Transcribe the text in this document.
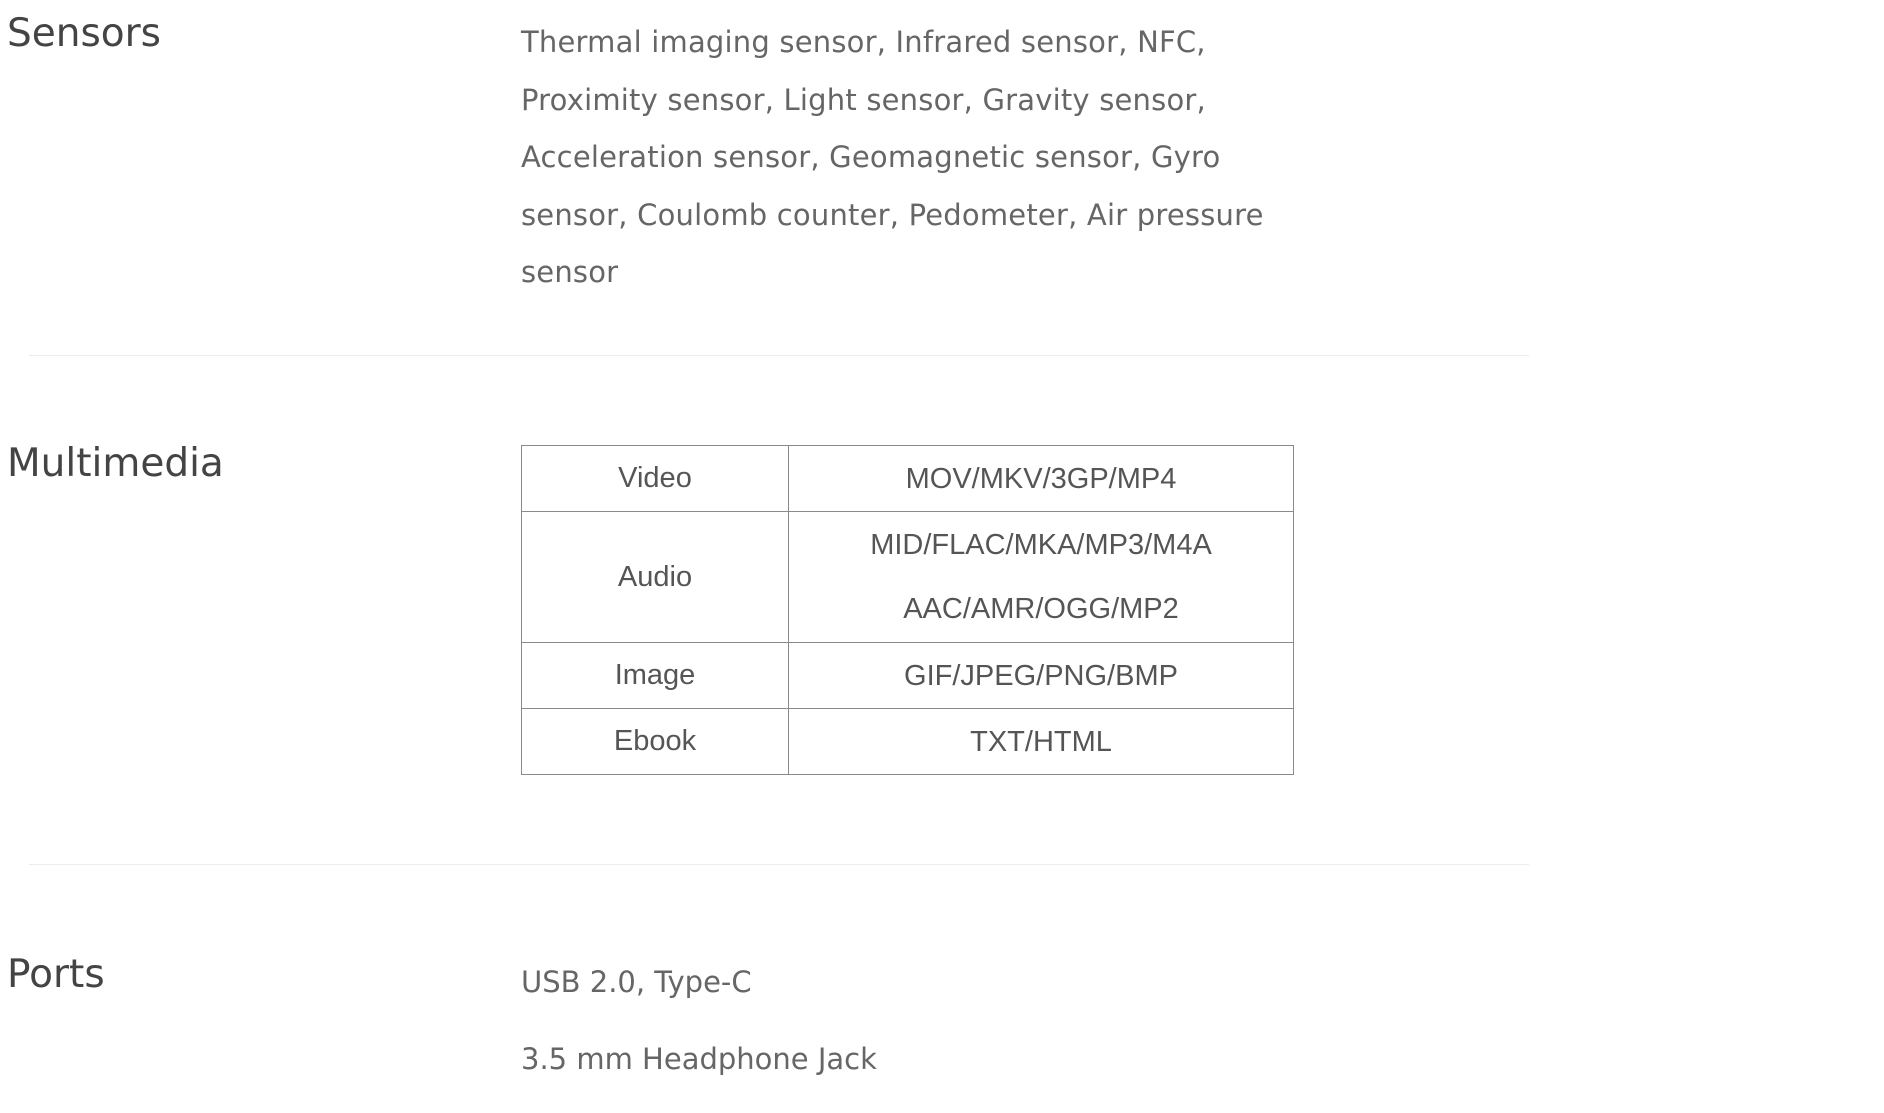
Sensors	Thermal imaging sensor, Infrared sensor, NFC, Proximity sensor, Light sensor, Gravity sensor, Acceleration sensor, Geomagnetic sensor, Gyro sensor, Coulomb counter, Pedometer, Air pressure sensor

Multimedia	Video	MOV/MKV/3GP/MP4

Audio	MID/FLAC/MKA/MP3/M4A
AAC/AMR/OGG/MP2

Image	GIF/JPEG/PNG/BMP

Ebook	TXT/HTML
Ports	USB 2.0, Type-C

3.5 mm Headphone Jack
